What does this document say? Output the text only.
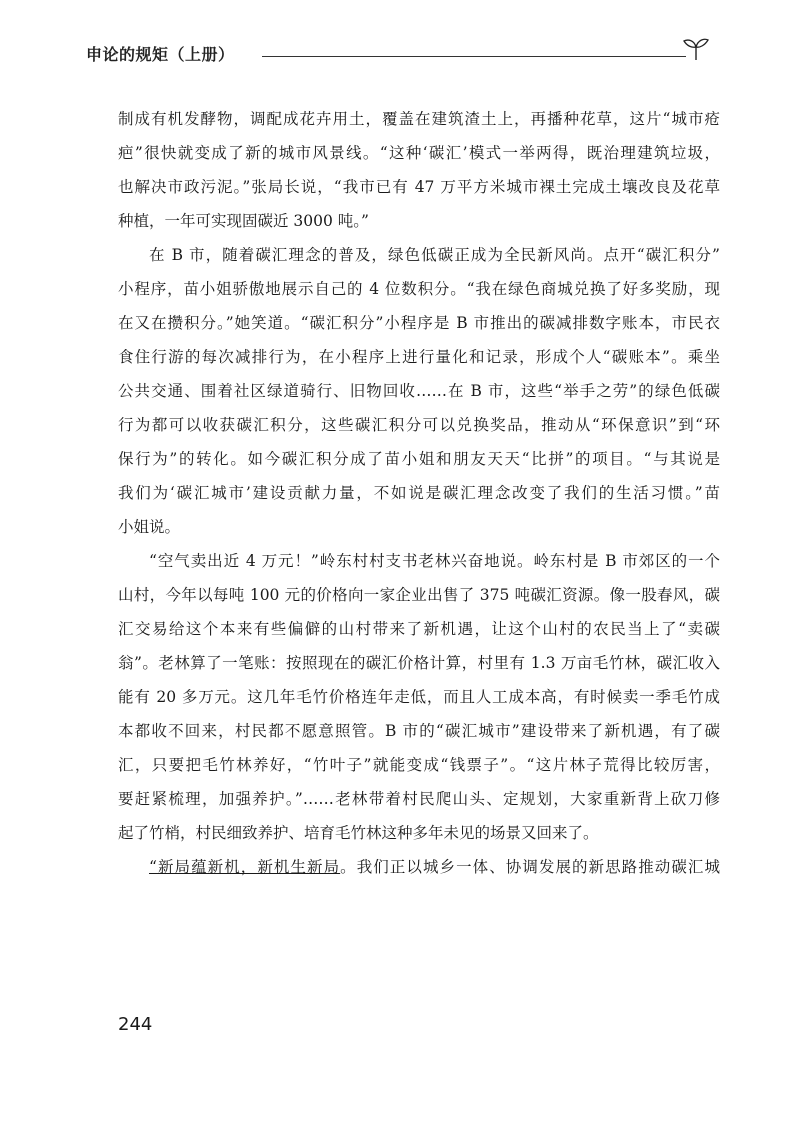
申论的规矩（上册）

制成有机发酵物，调配成花卉用土，覆盖在建筑渣土上，再播种花草，这片“城市疮
疤”很快就变成了新的城市风景线。“这种‘碳汇’模式一举两得，既治理建筑垃圾，
也解决市政污泥。”张局长说，“我市已有 47 万平方米城市裸土完成土壤改良及花草
种植，一年可实现固碳近 3000 吨。”

在 B 市，随着碳汇理念的普及，绿色低碳正成为全民新风尚。点开“碳汇积分”
小程序，苗小姐骄傲地展示自己的 4 位数积分。“我在绿色商城兑换了好多奖励，现
在又在攒积分。”她笑道。“碳汇积分”小程序是 B 市推出的碳减排数字账本，市民衣
食住行游的每次减排行为，在小程序上进行量化和记录，形成个人“碳账本”。乘坐
公共交通、围着社区绿道骑行、旧物回收……在 B 市，这些“举手之劳”的绿色低碳
行为都可以收获碳汇积分，这些碳汇积分可以兑换奖品，推动从“环保意识”到“环
保行为”的转化。如今碳汇积分成了苗小姐和朋友天天“比拼”的项目。“与其说是
我们为‘碳汇城市’建设贡献力量，不如说是碳汇理念改变了我们的生活习惯。”苗
小姐说。

“空气卖出近 4 万元！”岭东村村支书老林兴奋地说。岭东村是 B 市郊区的一个
山村，今年以每吨 100 元的价格向一家企业出售了 375 吨碳汇资源。像一股春风，碳
汇交易给这个本来有些偏僻的山村带来了新机遇，让这个山村的农民当上了“卖碳
翁”。老林算了一笔账：按照现在的碳汇价格计算，村里有 1.3 万亩毛竹林，碳汇收入
能有 20 多万元。这几年毛竹价格连年走低，而且人工成本高，有时候卖一季毛竹成
本都收不回来，村民都不愿意照管。B 市的“碳汇城市”建设带来了新机遇，有了碳
汇，只要把毛竹林养好，“竹叶子”就能变成“钱票子”。“这片林子荒得比较厉害，
要赶紧梳理，加强养护。”……老林带着村民爬山头、定规划，大家重新背上砍刀修
起了竹梢，村民细致养护、培育毛竹林这种多年未见的场景又回来了。

“新局蕴新机，新机生新局。我们正以城乡一体、协调发展的新思路推动碳汇城

244
